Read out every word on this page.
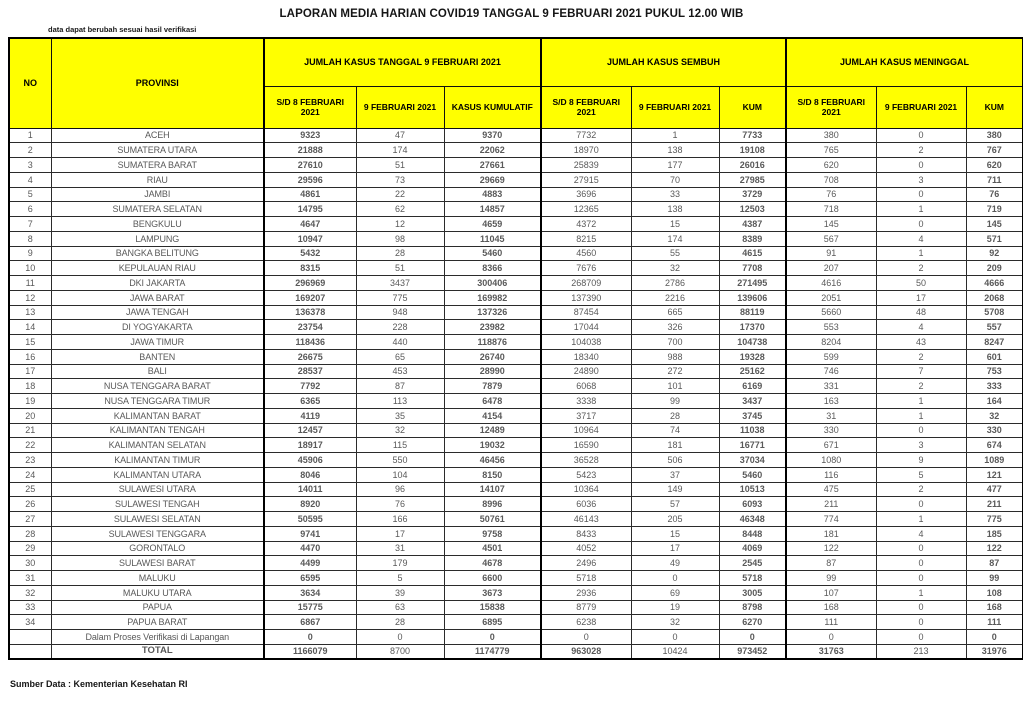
LAPORAN MEDIA HARIAN COVID19 TANGGAL 9 FEBRUARI 2021 PUKUL 12.00 WIB
data dapat berubah sesuai hasil verifikasi
NO	PROVINSI	JUMLAH KASUS TANGGAL 9 FEBRUARI 2021			JUMLAH KASUS SEMBUH			JUMLAH KASUS MENINGGAL		
		S/D 8 FEBRUARI 2021	9 FEBRUARI 2021	KASUS KUMULATIF	S/D 8 FEBRUARI 2021	9 FEBRUARI 2021	KUM	S/D 8 FEBRUARI 2021	9 FEBRUARI 2021	KUM
1	ACEH	9323	47	9370	7732	1	7733	380	0	380
2	SUMATERA UTARA	21888	174	22062	18970	138	19108	765	2	767
3	SUMATERA BARAT	27610	51	27661	25839	177	26016	620	0	620
4	RIAU	29596	73	29669	27915	70	27985	708	3	711
5	JAMBI	4861	22	4883	3696	33	3729	76	0	76
6	SUMATERA SELATAN	14795	62	14857	12365	138	12503	718	1	719
7	BENGKULU	4647	12	4659	4372	15	4387	145	0	145
8	LAMPUNG	10947	98	11045	8215	174	8389	567	4	571
9	BANGKA BELITUNG	5432	28	5460	4560	55	4615	91	1	92
10	KEPULAUAN RIAU	8315	51	8366	7676	32	7708	207	2	209
11	DKI JAKARTA	296969	3437	300406	268709	2786	271495	4616	50	4666
12	JAWA BARAT	169207	775	169982	137390	2216	139606	2051	17	2068
13	JAWA TENGAH	136378	948	137326	87454	665	88119	5660	48	5708
14	DI YOGYAKARTA	23754	228	23982	17044	326	17370	553	4	557
15	JAWA TIMUR	118436	440	118876	104038	700	104738	8204	43	8247
16	BANTEN	26675	65	26740	18340	988	19328	599	2	601
17	BALI	28537	453	28990	24890	272	25162	746	7	753
18	NUSA TENGGARA BARAT	7792	87	7879	6068	101	6169	331	2	333
19	NUSA TENGGARA TIMUR	6365	113	6478	3338	99	3437	163	1	164
20	KALIMANTAN BARAT	4119	35	4154	3717	28	3745	31	1	32
21	KALIMANTAN TENGAH	12457	32	12489	10964	74	11038	330	0	330
22	KALIMANTAN SELATAN	18917	115	19032	16590	181	16771	671	3	674
23	KALIMANTAN TIMUR	45906	550	46456	36528	506	37034	1080	9	1089
24	KALIMANTAN UTARA	8046	104	8150	5423	37	5460	116	5	121
25	SULAWESI UTARA	14011	96	14107	10364	149	10513	475	2	477
26	SULAWESI TENGAH	8920	76	8996	6036	57	6093	211	0	211
27	SULAWESI SELATAN	50595	166	50761	46143	205	46348	774	1	775
28	SULAWESI TENGGARA	9741	17	9758	8433	15	8448	181	4	185
29	GORONTALO	4470	31	4501	4052	17	4069	122	0	122
30	SULAWESI BARAT	4499	179	4678	2496	49	2545	87	0	87
31	MALUKU	6595	5	6600	5718	0	5718	99	0	99
32	MALUKU UTARA	3634	39	3673	2936	69	3005	107	1	108
33	PAPUA	15775	63	15838	8779	19	8798	168	0	168
34	PAPUA BARAT	6867	28	6895	6238	32	6270	111	0	111
	Dalam Proses Verifikasi di Lapangan	0	0	0	0	0	0	0	0	0
	TOTAL	1166079	8700	1174779	963028	10424	973452	31763	213	31976
Sumber Data : Kementerian Kesehatan RI
